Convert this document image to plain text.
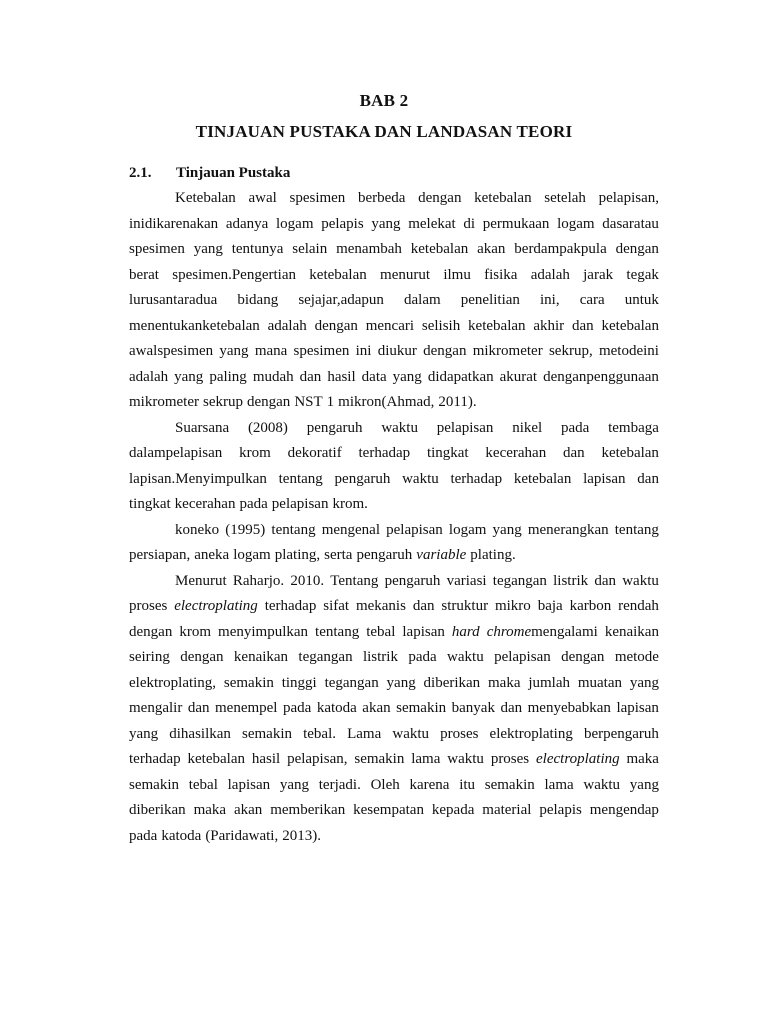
BAB 2
TINJAUAN PUSTAKA DAN LANDASAN TEORI
2.1. Tinjauan Pustaka
Ketebalan awal spesimen berbeda dengan ketebalan setelah pelapisan,
inidikarenakan adanya logam pelapis yang melekat di permukaan logam dasaratau
spesimen yang tentunya selain menambah ketebalan akan berdampakpula dengan
berat spesimen.Pengertian ketebalan menurut ilmu fisika adalah jarak tegak
lurusantaradua bidang sejajar,adapun dalam penelitian ini, cara untuk
menentukanketebalan adalah dengan mencari selisih ketebalan akhir dan ketebalan
awalspesimen yang mana spesimen ini diukur dengan mikrometer sekrup, metodeini
adalah yang paling mudah dan hasil data yang didapatkan akurat denganpenggunaan
mikrometer sekrup dengan NST 1 mikron(Ahmad, 2011).
Suarsana (2008) pengaruh waktu pelapisan nikel pada tembaga
dalampelapisan krom dekoratif terhadap tingkat kecerahan dan ketebalan
lapisan.Menyimpulkan tentang pengaruh waktu terhadap ketebalan lapisan dan
tingkat kecerahan pada pelapisan krom.
koneko (1995) tentang mengenal pelapisan logam yang menerangkan tentang
persiapan, aneka logam plating, serta pengaruh variable plating.
Menurut Raharjo. 2010. Tentang pengaruh variasi tegangan listrik dan waktu
proses electroplating terhadap sifat mekanis dan struktur mikro baja karbon rendah
dengan krom menyimpulkan tentang tebal lapisan hard chromemengalami kenaikan
seiring dengan kenaikan tegangan listrik pada waktu pelapisan dengan metode
elektroplating, semakin tinggi tegangan yang diberikan maka jumlah muatan yang
mengalir dan menempel pada katoda akan semakin banyak dan menyebabkan lapisan
yang dihasilkan semakin tebal. Lama waktu proses elektroplating berpengaruh
terhadap ketebalan hasil pelapisan, semakin lama waktu proses electroplating maka
semakin tebal lapisan yang terjadi. Oleh karena itu semakin lama waktu yang
diberikan maka akan memberikan kesempatan kepada material pelapis mengendap
pada katoda (Paridawati, 2013).
